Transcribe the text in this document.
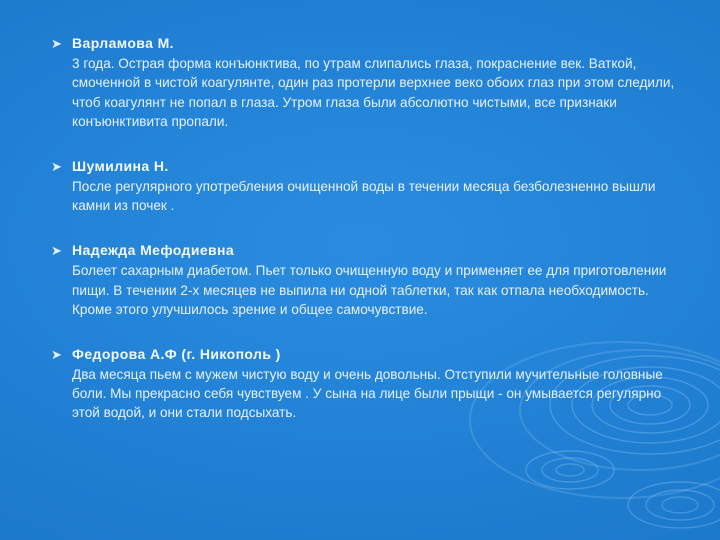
➤ Варламова М.
3 года. Острая форма конъюнктива, по утрам слипались глаза, покраснение век. Ваткой, смоченной в чистой коагулянте, один раз протерли верхнее веко обоих глаз при этом следили, чтоб коагулянт не попал в глаза. Утром глаза были абсолютно чистыми, все признаки конъюнктивита пропали.
➤ Шумилина Н.
После регулярного употребления очищенной воды в течении месяца безболезненно вышли камни из почек .
➤ Надежда Мефодиевна
Болеет сахарным диабетом. Пьет только очищенную воду и применяет ее для приготовлении пищи. В течении 2-х месяцев не выпила ни одной таблетки, так как отпала необходимость. Кроме этого улучшилось зрение и общее самочувствие.
➤ Федорова А.Ф (г. Никополь )
Два месяца пьем с мужем чистую воду и очень довольны. Отступили мучительные головные боли. Мы прекрасно себя чувствуем . У сына на лице были прыщи - он умывается регулярно этой водой, и они стали подсыхать.
